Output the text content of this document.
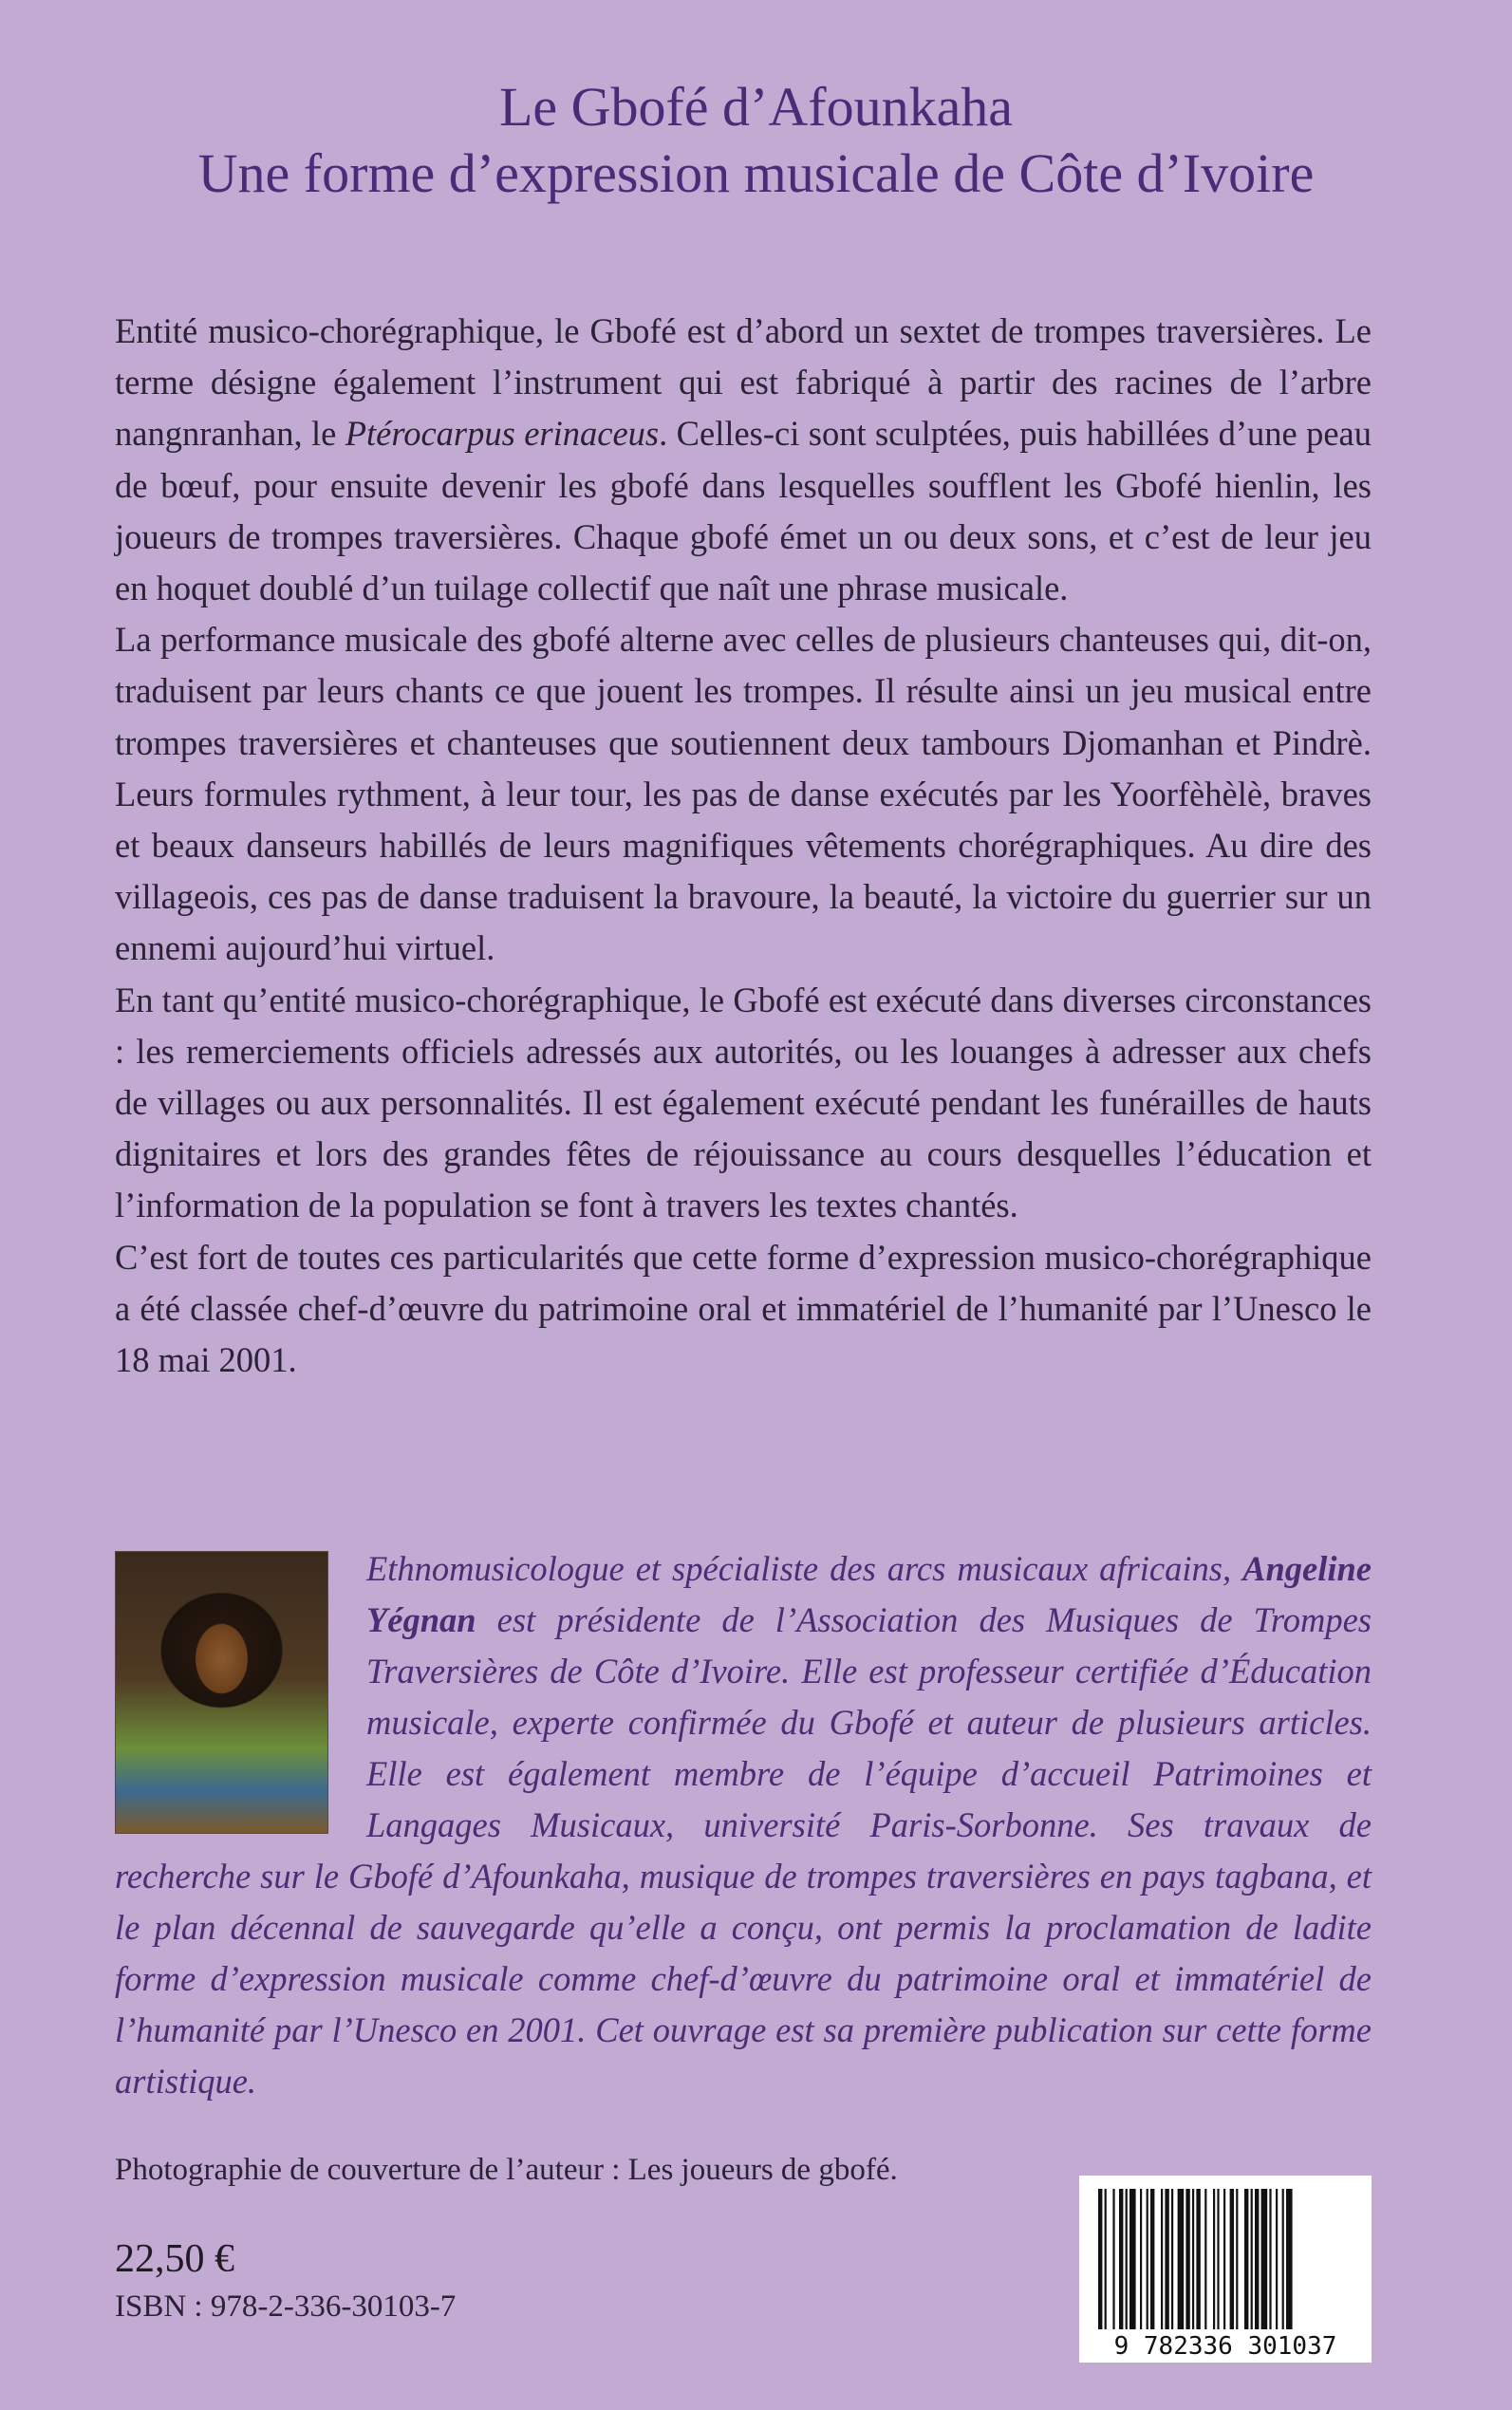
Le Gbofé d’Afounkaha
Une forme d’expression musicale de Côte d’Ivoire

Entité musico-chorégraphique, le Gbofé est d’abord un sextet de trompes traversières. Le terme désigne également l’instrument qui est fabriqué à partir des racines de l’arbre nangnranhan, le Ptérocarpus erinaceus. Celles-ci sont sculptées, puis habillées d’une peau de bœuf, pour ensuite devenir les gbofé dans lesquelles soufflent les Gbofé hienlin, les joueurs de trompes traversières. Chaque gbofé émet un ou deux sons, et c’est de leur jeu en hoquet doublé d’un tuilage collectif que naît une phrase musicale.

La performance musicale des gbofé alterne avec celles de plusieurs chanteuses qui, dit-on, traduisent par leurs chants ce que jouent les trompes. Il résulte ainsi un jeu musical entre trompes traversières et chanteuses que soutiennent deux tambours Djomanhan et Pindrè. Leurs formules rythment, à leur tour, les pas de danse exécutés par les Yoorfèhèlè, braves et beaux danseurs habillés de leurs magnifiques vêtements chorégraphiques. Au dire des villageois, ces pas de danse traduisent la bravoure, la beauté, la victoire du guerrier sur un ennemi aujourd’hui virtuel.

En tant qu’entité musico-chorégraphique, le Gbofé est exécuté dans diverses circonstances : les remerciements officiels adressés aux autorités, ou les louanges à adresser aux chefs de villages ou aux personnalités. Il est également exécuté pendant les funérailles de hauts dignitaires et lors des grandes fêtes de réjouissance au cours desquelles l’éducation et l’information de la population se font à travers les textes chantés.

C’est fort de toutes ces particularités que cette forme d’expression musico-chorégraphique a été classée chef-d’œuvre du patrimoine oral et immatériel de l’humanité par l’Unesco le 18 mai 2001.

Ethnomusicologue et spécialiste des arcs musicaux africains, Angeline Yégnan est présidente de l’Association des Musiques de Trompes Traversières de Côte d’Ivoire. Elle est professeur certifiée d’Éducation musicale, experte confirmée du Gbofé et auteur de plusieurs articles. Elle est également membre de l’équipe d’accueil Patrimoines et Langages Musicaux, université Paris-Sorbonne. Ses travaux de recherche sur le Gbofé d’Afounkaha, musique de trompes traversières en pays tagbana, et le plan décennal de sauvegarde qu’elle a conçu, ont permis la proclamation de ladite forme d’expression musicale comme chef-d’œuvre du patrimoine oral et immatériel de l’humanité par l’Unesco en 2001. Cet ouvrage est sa première publication sur cette forme artistique.

Photographie de couverture de l’auteur : Les joueurs de gbofé.
22,50 €
ISBN : 978-2-336-30103-7
9 782336 301037
